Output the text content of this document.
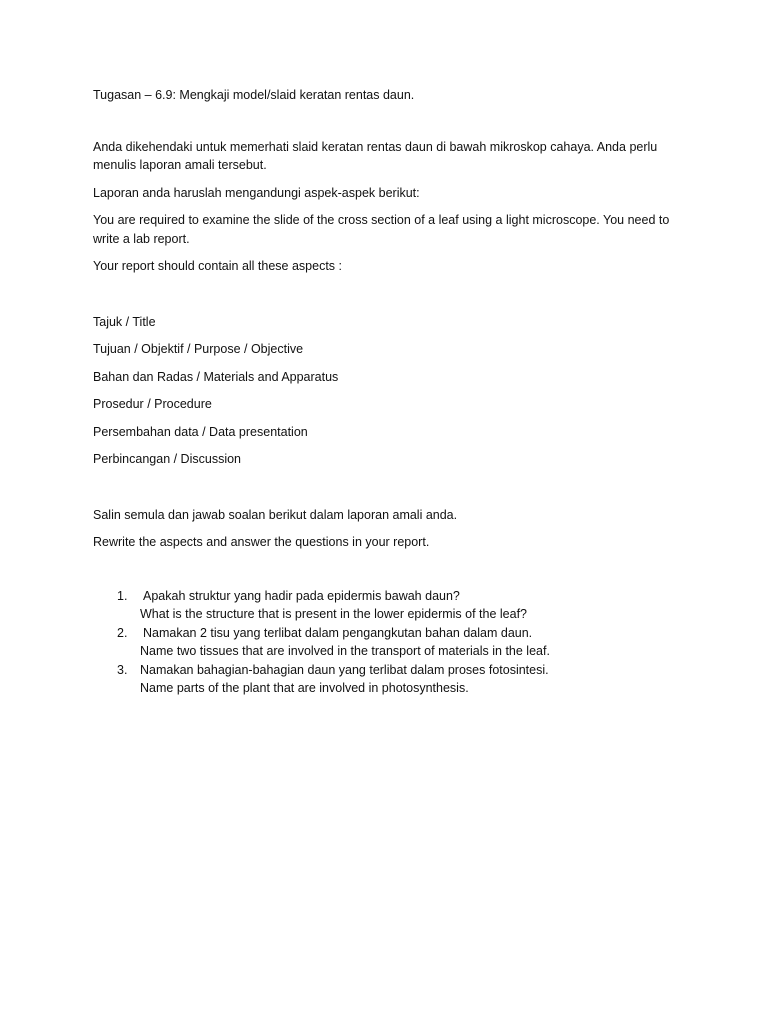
Tugasan – 6.9: Mengkaji model/slaid keratan rentas daun.

Anda dikehendaki untuk memerhati slaid keratan rentas daun di bawah mikroskop cahaya. Anda perlu menulis laporan amali tersebut.

Laporan anda haruslah mengandungi aspek-aspek berikut:

You are required to examine the slide of the cross section of a leaf using a light microscope. You need to write a lab report.

Your report should contain all these aspects :

Tajuk / Title

Tujuan / Objektif / Purpose / Objective

Bahan dan Radas / Materials and Apparatus

Prosedur / Procedure

Persembahan data / Data presentation

Perbincangan / Discussion

Salin semula dan jawab soalan berikut dalam laporan amali anda.

Rewrite the aspects and answer the questions in your report.

1. Apakah struktur yang hadir pada epidermis bawah daun?
What is the structure that is present in the lower epidermis of the leaf?
2. Namakan 2 tisu yang terlibat dalam pengangkutan bahan dalam daun.
Name two tissues that are involved in the transport of materials in the leaf.
3. Namakan bahagian-bahagian daun yang terlibat dalam proses fotosintesi.
Name parts of the plant that are involved in photosynthesis.
